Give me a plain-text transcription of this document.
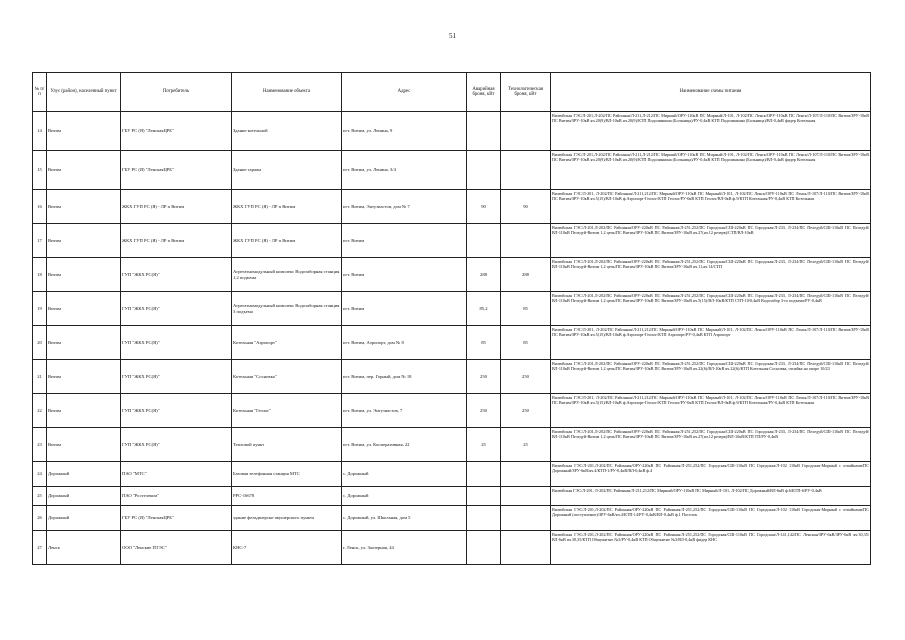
51
№ п/п	Улус (район), населенный пункт	Потребитель	Наименование объекта	Адрес	Аварийная броня, кВт	Технологическая броня, кВт	Наименование схемы питания
14	Витим	ГБУ РС (Я) "ЛенскаяЦРБ"	Здание котельной	пгт. Витим, ул. Ленина, 9			Вилюйская ГЭС/Л-201,Л-202/ПС Районная/Л-211,Л-212/ПС Мирный/ОРУ-110кВ ПС Мирный/Л-101, Л-102/ПС Ленск/ОРУ-110кВ ПС Ленск/Л-107/Л-110/ПС Витим/ЗРУ-10кВ ПС Витим/ЗРУ-10кВ яч.20(9)/ВЛ-10кВ яч.20(9)/КТП Подолинкина (Больница)/РУ-0,4кВ КТП Подолинкина (Больница)/ВЛ-0,4кВ фидер Котельная
15	Витим	ГБУ РС (Я) "ЛенскаяЦРБ"	Здание гаража	пгт. Витим, ул. Ленина, 3/4			Вилюйская ГЭС/Л-201,Л-202/ПС Районная/Л-211,Л-212/ПС Мирный/ОРУ-110кВ ПС Мирный/Л-101, Л-102/ПС Ленск/ОРУ-110кВ ПС Ленск/Л-107/Л-110/ПС Витим/ЗРУ-10кВ ПС Витим/ЗРУ-10кВ яч.20(9)/ВЛ-10кВ яч.20(9)/КТП Подолинкина (Больница)/РУ-0,4кВ КТП Подолинкина (Больница)/ВЛ-0,4кВ фидер Котельная
16	Витим	ЖКХ ГУП РС (Я) - ЛР п Витим	ЖКХ ГУП РС (Я) - ЛР п Витим	пгт. Витим, Энтузиастов, дом № 7	90	90	Вилюйская ГЭС/Л-201, Л-202/ПС Районная/Л-211,212/ПС Мирный/ОРУ-110кВ ПС Мирный/Л-101, Л-102/ПС Ленск/ОРУ-110кВ ПС Ленск/Л-107/Л-110/ПС Витим/ЗРУ-10кВ ПС Витим/ЗРУ-10кВ яч.5(15)/ВЛ-10кВ ф.Аэропорт-Геолог/КТП Геолог/РУ-0кВ КТП Геолог/ВЛ-0кВ ф.9/КТП Котельная/РУ-0,4кВ КТП Котельная
17	Витим	ЖКХ ГУП РС (Я) - ЛР п Витим	ЖКХ ГУП РС (Я) - ЛР п Витим	пгт. Витим			Вилюйская ГЭС/Л-201,Л-202/ПС Районная/ОРУ-220кВ ПС Районная/Л-251,252/ПС Городская/СШ-220кВ ПС Городская/Л-233, Л-234/ПС Пеледуй/СШ-110кВ ПС Пеледуй/ВЛ-110кВ Пеледуй-Витим 1,2 цепь/ПС Витим/ЗРУ-10кВ ПС Витим/ЗРУ-10кВ яч.27(яч.12 резерв)/СТП/ВЛ-10кВ
18	Витим	ГУП "ЖКХ РС(Я)"	Агрегатномодульный комплекс Водозаборная станция 1,2 подъема	пгт. Витим	288	288	Вилюйская ГЭС/Л-201,Л-202/ПС Районная/ОРУ-220кВ ПС Районная/Л-251,252/ПС Городская/СШ-220кВ ПС Городская/Л-233, Л-234/ПС Пеледуй/СШ-110кВ ПС Пеледуй/ВЛ-110кВ Пеледуй-Витим 1,2 цепь/ПС Витим/ЗРУ-10кВ ПС Витим/ЗРУ-10кВ яч.11,яч.14/СТП
19	Витим	ГУП "ЖКХ РС(Я)"	Агрегатномодульный комплекс Водозаборная станция 3 подъема	пгт. Витим	85,2	85	Вилюйская ГЭС/Л-201,Л-202/ПС Районная/ОРУ-220кВ ПС Районная/Л-251,252/ПС Городская/СШ-220кВ ПС Городская/Л-233, Л-234/ПС Пеледуй/СШ-110кВ ПС Пеледуй/ВЛ-110кВ Пеледуй-Витим 1,2 цепь/ПС Витим/ЗРУ-10кВ ПС Витим/ЗРУ-10кВ яч.5(15)/ВЛ-10кВ/КТП СТП-10/0,4кВ Водозабор 3-го подъема/РУ-0,4кВ
20	Витим	ГУП "ЖКХ РС(Я)"	Котельная "Аэропорт"	пгт. Витим, Аэропорт, дом № 8	85	85	Вилюйская ГЭС/Л-201, Л-202/ПС Районная/Л-211,212/ПС Мирный/ОРУ-110кВ ПС Мирный/Л-101, Л-102/ПС Ленск/ОРУ-110кВ ПС Ленск/Л-107/Л-110/ПС Витим/ЗРУ-10кВ ПС Витим/ЗРУ-10кВ яч.5(15)/ВЛ-10кВ ф.Аэропорт-Геолог/КТП Аэропорт/РУ-0,4кВ КТП Аэропорт
21	Витим	ГУП "ЖКХ РС(Я)"	Котельная "Сосновка"	пгт. Витим, пер. Горный, дом № 18	250	250	Вилюйская ГЭС/Л-201,Л-202/ПС Районная/ОРУ-220кВ ПС Районная/Л-251,252/ПС Городская/СШ-220кВ ПС Городская/Л-233, Л-234/ПС Пеледуй/СШ-110кВ ПС Пеледуй/ВЛ-110кВ Пеледуй-Витим 1,2 цепь/ПС Витим/ЗРУ-10кВ ПС Витим/ЗРУ-10кВ яч.22(6)/ВЛ-10кВ яч.22(6)/КТП Котельная Сосновка, отпайка на опоре 10/23
22	Витим	ГУП "ЖКХ РС(Я)"	Котельная "Геолог"	пгт. Витим, ул. Энтузиастов, 7	250	250	Вилюйская ГЭС/Л-201, Л-202/ПС Районная/Л-211,212/ПС Мирный/ОРУ-110кВ ПС Мирный/Л-101, Л-102/ПС Ленск/ОРУ-110кВ ПС Ленск/Л-107/Л-110/ПС Витим/ЗРУ-10кВ ПС Витим/ЗРУ-10кВ яч.5(15)/ВЛ-10кВ ф.Аэропорт-Геолог/КТП Геолог/РУ-0кВ КТП Геолог/ВЛ-0кВ ф.9/КТП Котельная/РУ-0,4кВ КТП Котельная
23	Витим	ГУП "ЖКХ РС(Я)"	Тепловой пункт	пгт. Витим, ул. Кооперативная, 22	25	25	Вилюйская ГЭС/Л-201,Л-202/ПС Районная/ОРУ-220кВ ПС Районная/Л-251,252/ПС Городская/СШ-220кВ ПС Городская/Л-233, Л-234/ПС Пеледуй/СШ-110кВ ПС Пеледуй/ВЛ-110кВ Пеледуй-Витим 1,2 цепь/ПС Витим/ЗРУ-10кВ ПС Витим/ЗРУ-10кВ яч.27(яч.12 резерв)/ВЛ-10кВ/КТП ТП/РУ-0,4кВ
24	Дорожный	ПАО "МТС"	Базовая телефонная станция МТС	с. Дорожный			Вилюйская ГЭС/Л-201,Л-202/ПС Районная/ОРУ-220кВ ПС Районная/Л-251,252/ПС Городская/СШ-110кВ ПС Городская/Л-102 110кВ Городская-Мирный с отпайками/ПС Дорожный/ЗРУ-6кВ/яч.4/КТП-1/РУ-0,4кВ/ВЛ-0,4кВ ф.4
25	Дорожный	ПАО "Ростелеком"	РРС-16678	с. Дорожный			Вилюйская ГЭС/Л-201, Л-202/ПС Районная/Л-211,212/ПС Мирный/ОРУ-110кВ ПС Мирный/Л-101, Л-102/ПС Дорожный/ВЛ-6кВ ф.6/КТП-6/РУ-0,4кВ
26	Дорожный	ГБУ РС (Я) "ЛенскаяЦРБ"	здание фельдшерско-акушерского пункта	с. Дорожный, ул. Школьная, дом 5			Вилюйская ГЭС/Л-201,Л-202/ПС Районная/ОРУ-220кВ ПС Районная/Л-251,252/ПС Городская/СШ-110кВ ПС Городская/Л-102 110кВ Городская-Мирный с отпайками/ПС Дорожный (поступление)/ЗРУ-6кВ/яч.4/КТП-14/РУ-0,4кВ/ВЛ-0,4кВ ф.1 Поселок
27	Ленск	ООО "Ленские ПТЭС"	КНС-7	г. Ленск, ул. Заозерная, 44			Вилюйская ГЭС/Л-201,Л-202/ПС Районная/ОРУ-220кВ ПС Районная/Л-251,252/ПС Городская/СШ-110кВ ПС Городская/Л-141,142/ПС Ленская/ЗРУ-6кВ/ЗРУ-6кВ яч.30,35/ВЛ-6кВ яч.30,35/КТП Общежитие №3/РУ-0,4кВ КТП Общежитие №3/ВЛ-0,4кВ фидер КНС
